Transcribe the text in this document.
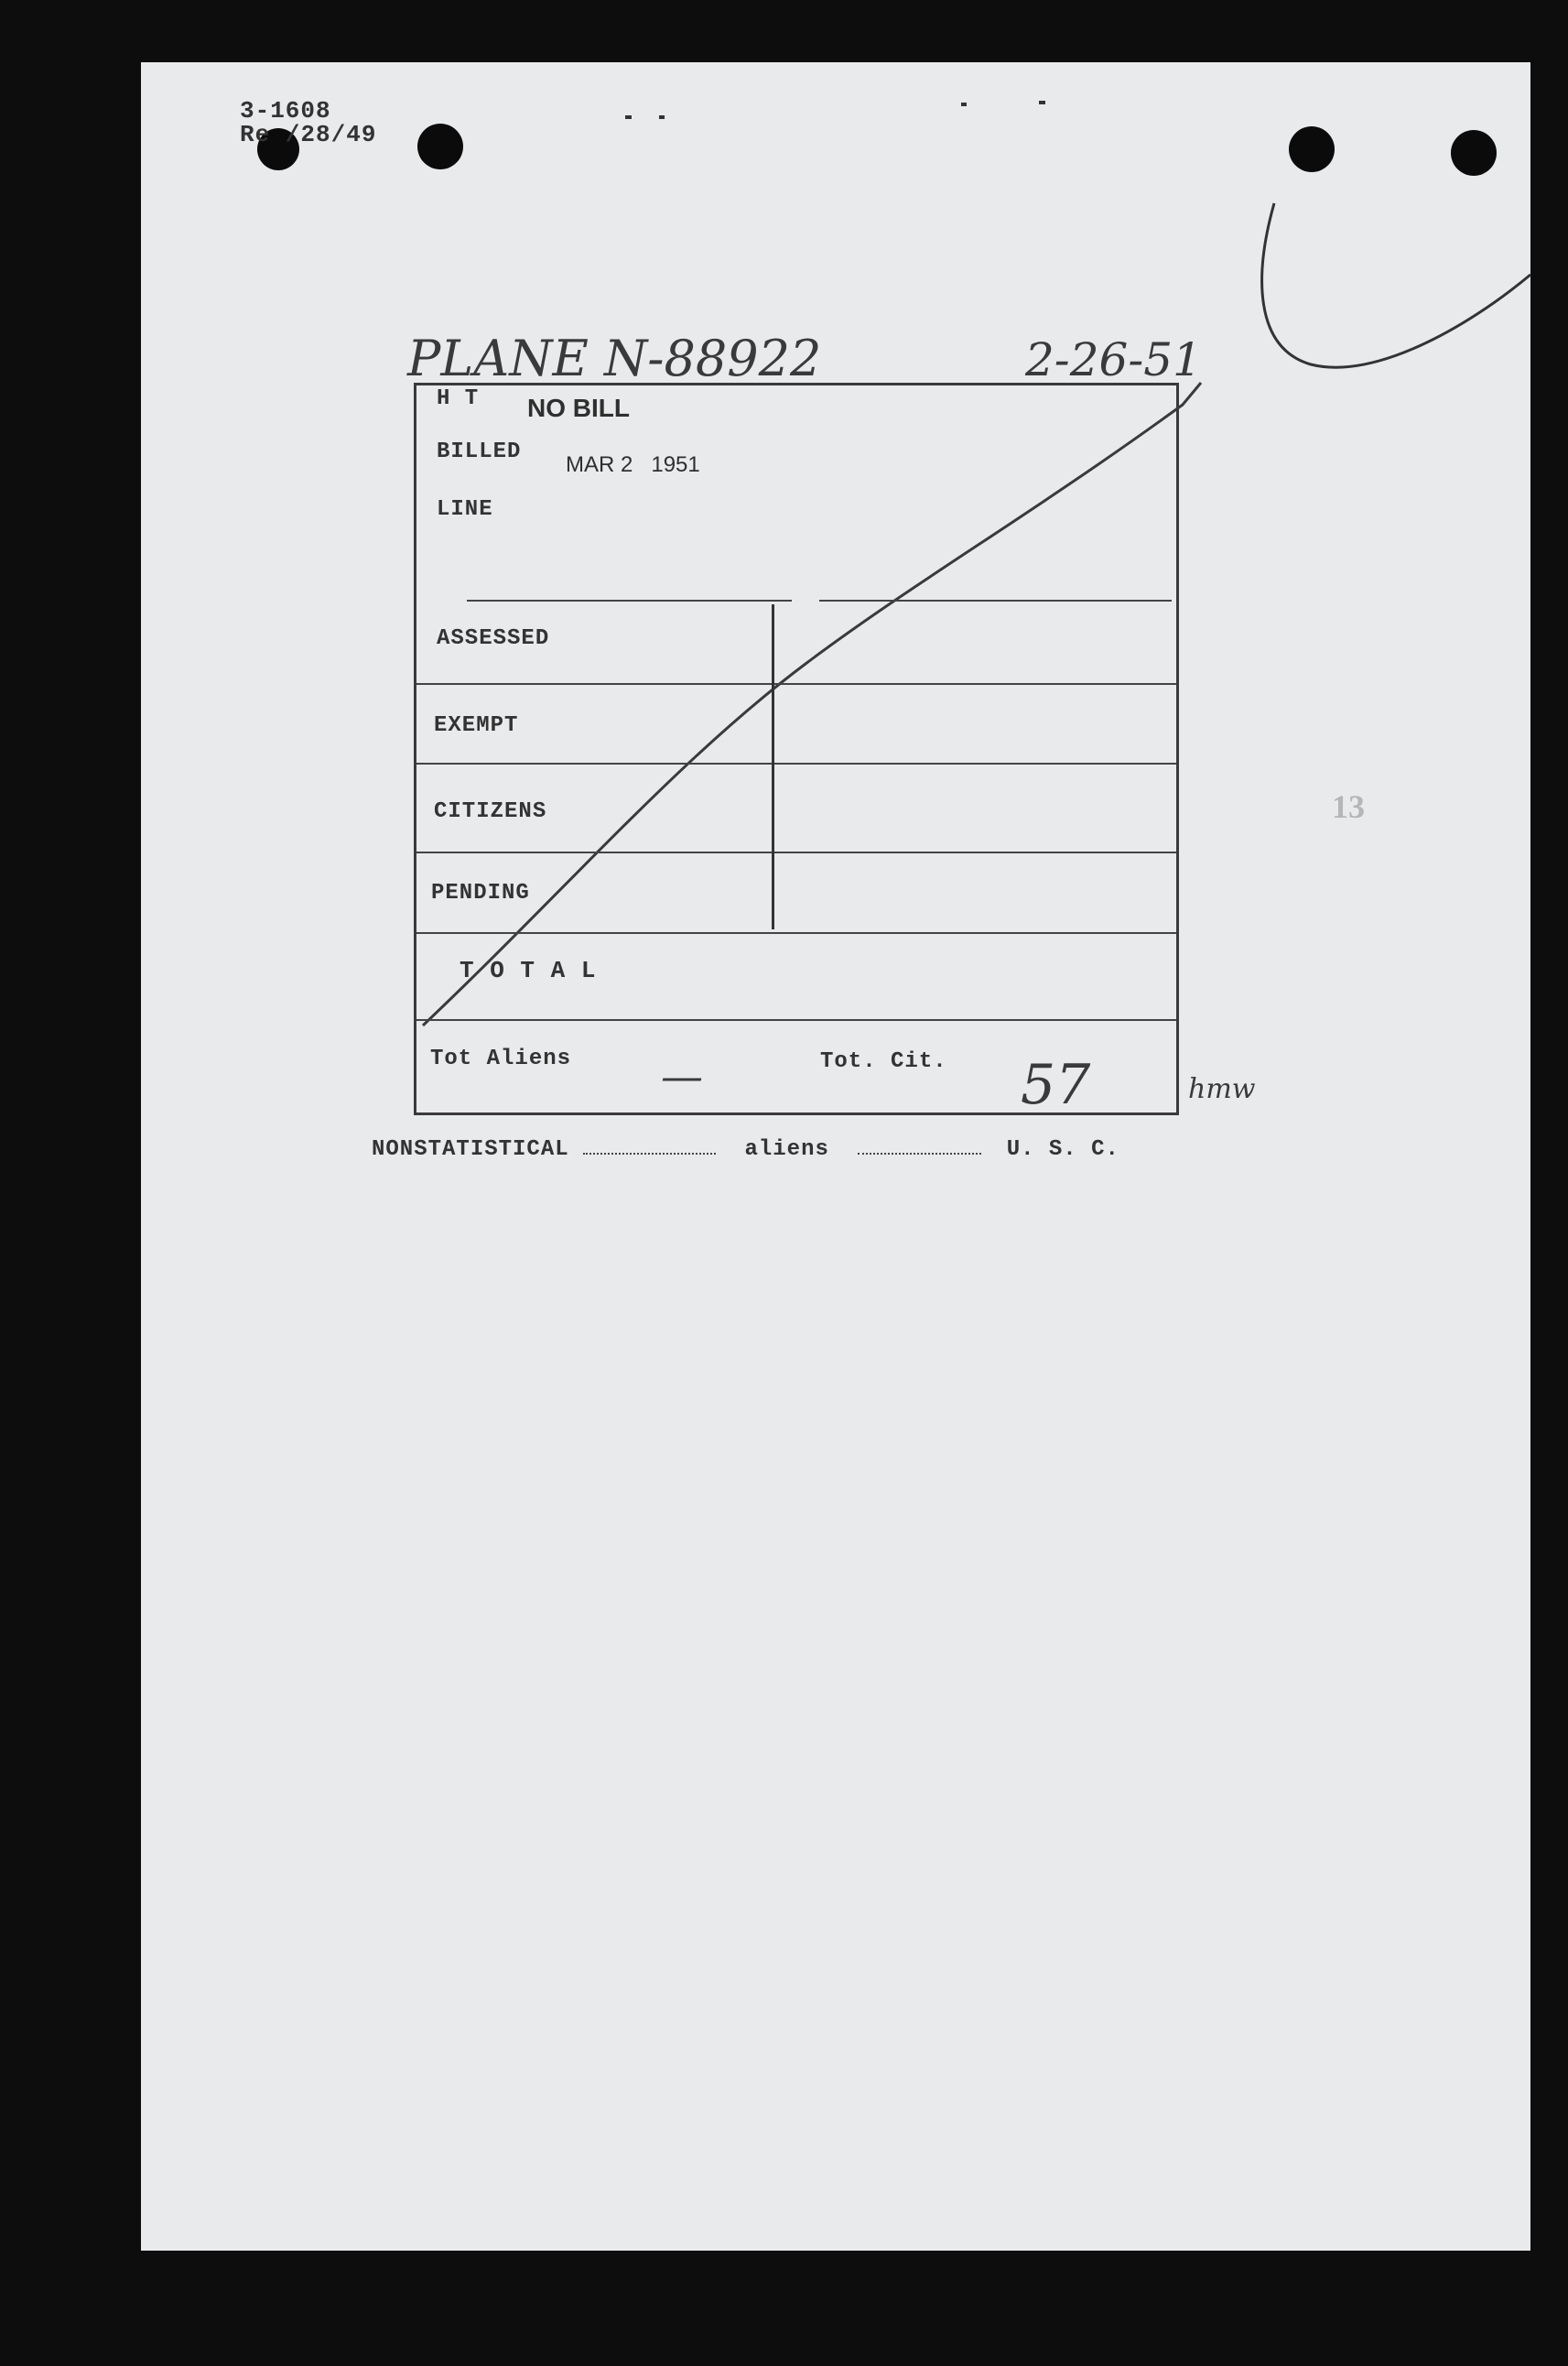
3-1608
Re /28/49
PLANE N-88922	2-26-51
H T NO BILL
BILLED
MAR 2   1951
LINE
ASSESSED
EXEMPT
CITIZENS
PENDING
T O T A L
Tot Aliens —	Tot. Cit. 57	hmw
NONSTATISTICAL	aliens	U. S. C.
13
